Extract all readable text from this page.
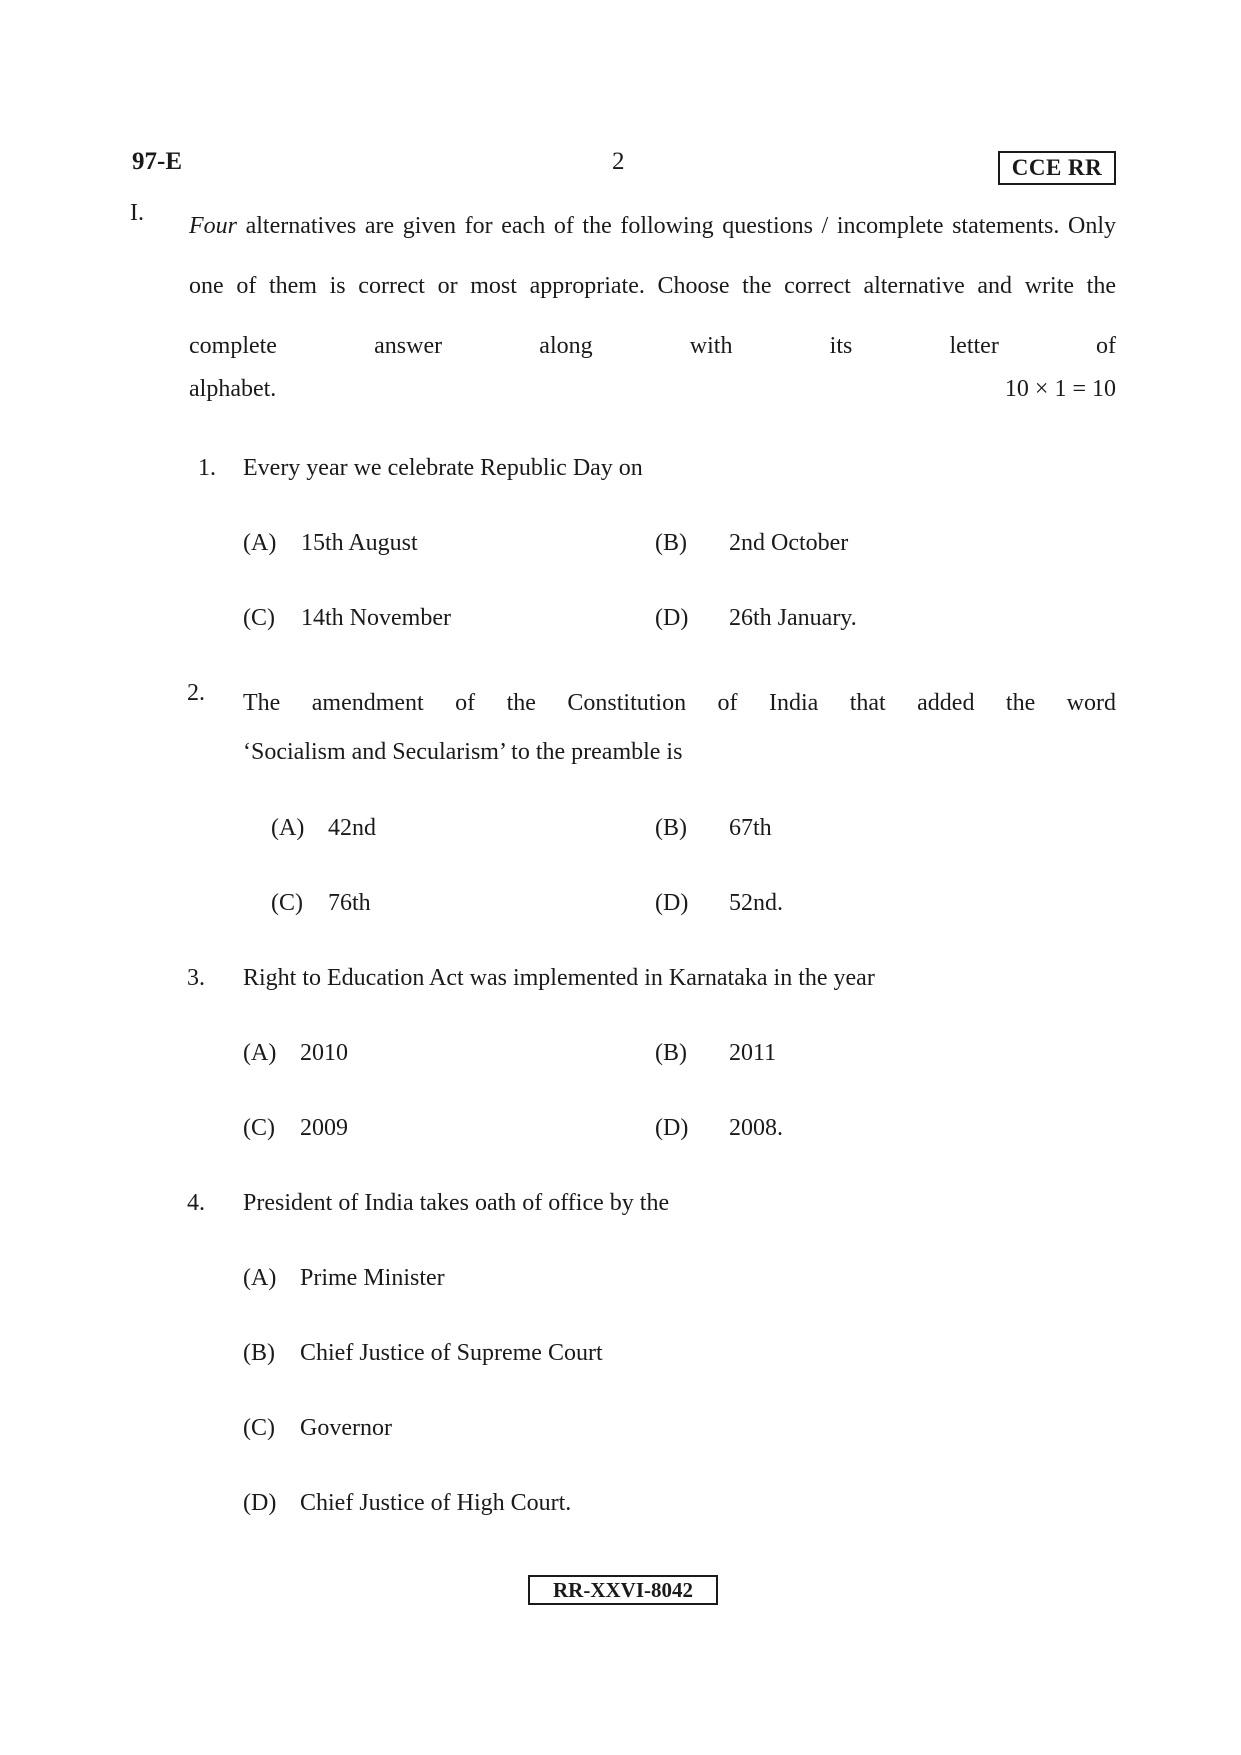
97-E	2	CCE RR
I. Four alternatives are given for each of the following questions / incomplete statements. Only one of them is correct or most appropriate. Choose the correct alternative and write the complete answer along with its letter of
alphabet.	10 × 1 = 10
1. Every year we celebrate Republic Day on
(A) 15th August	(B) 2nd October
(C) 14th November	(D) 26th January.
2. The amendment of the Constitution of India that added the word
‘Socialism and Secularism’ to the preamble is
(A) 42nd	(B) 67th
(C) 76th	(D) 52nd.
3. Right to Education Act was implemented in Karnataka in the year
(A) 2010	(B) 2011
(C) 2009	(D) 2008.
4. President of India takes oath of office by the
(A) Prime Minister
(B) Chief Justice of Supreme Court
(C) Governor
(D) Chief Justice of High Court.
RR-XXVI-8042
